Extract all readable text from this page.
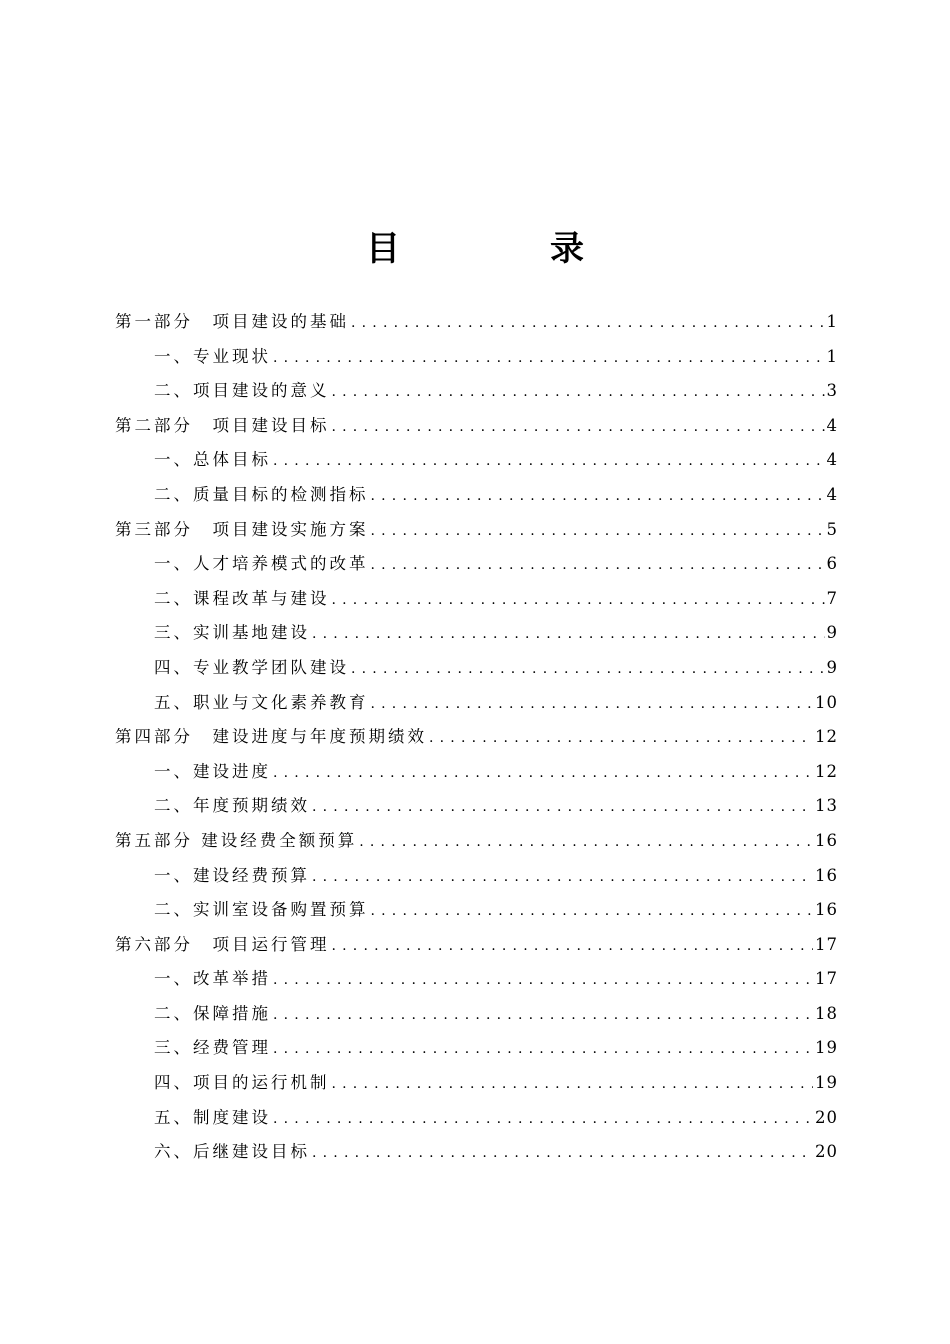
目　录
第一部分　项目建设的基础 .....	1
一、专业现状 .....	1
二、项目建设的意义 .....	3
第二部分　项目建设目标 .....	4
一、总体目标 .....	4
二、质量目标的检测指标 .....	4
第三部分　项目建设实施方案 .....	5
一、人才培养模式的改革 .....	6
二、课程改革与建设 .....	7
三、实训基地建设 .....	9
四、专业教学团队建设 .....	9
五、职业与文化素养教育 .....	10
第四部分　建设进度与年度预期绩效 .....	12
一、建设进度 .....	12
二、年度预期绩效 .....	13
第五部分 建设经费全额预算 .....	16
一、建设经费预算 .....	16
二、实训室设备购置预算 .....	16
第六部分　项目运行管理 .....	17
一、改革举措 .....	17
二、保障措施 .....	18
三、经费管理 .....	19
四、项目的运行机制 .....	19
五、制度建设 .....	20
六、后继建设目标 .....	20
